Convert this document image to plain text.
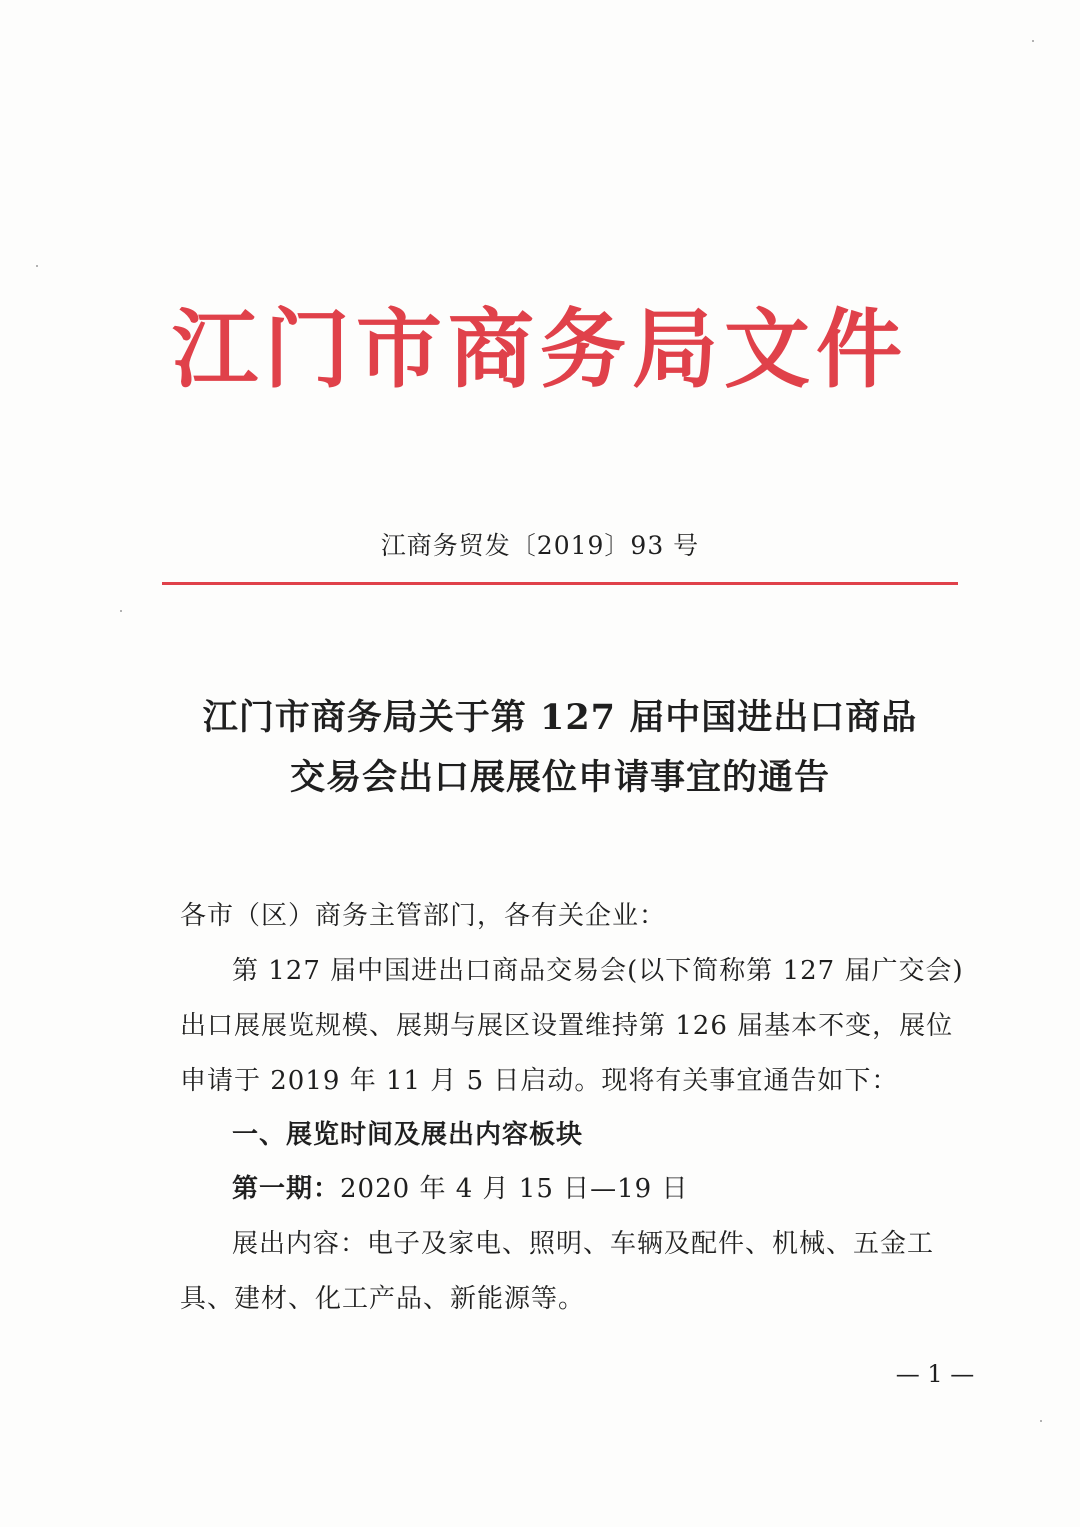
江门市商务局文件
江商务贸发〔2019〕93 号
江门市商务局关于第 127 届中国进出口商品
交易会出口展展位申请事宜的通告
各市（区）商务主管部门，各有关企业：
第 127 届中国进出口商品交易会(以下简称第 127 届广交会)
出口展展览规模、展期与展区设置维持第 126 届基本不变，展位
申请于 2019 年 11 月 5 日启动。现将有关事宜通告如下：
一、展览时间及展出内容板块
第一期：2020 年 4 月 15 日—19 日
展出内容：电子及家电、照明、车辆及配件、机械、五金工
具、建材、化工产品、新能源等。
— 1 —
